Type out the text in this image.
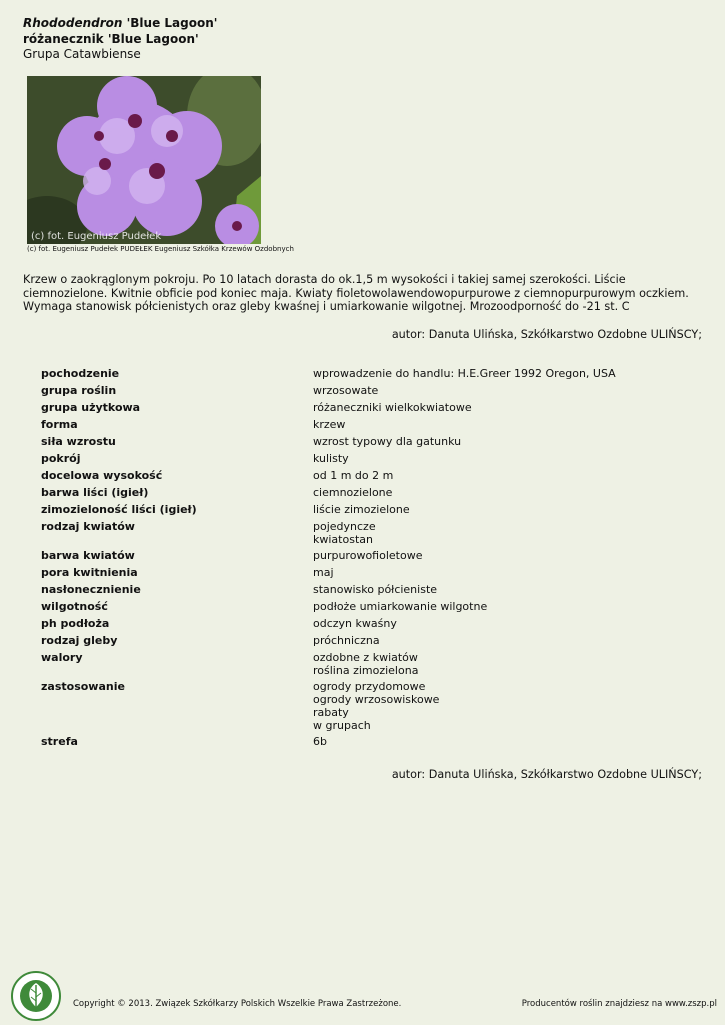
Rhododendron 'Blue Lagoon'
różanecznik 'Blue Lagoon'
Grupa Catawbiense
(c) fot. Eugeniusz Pudełek
(c) fot. Eugeniusz Pudełek PUDEŁEK Eugeniusz Szkółka Krzewów Ozdobnych
Krzew o zaokrąglonym pokroju. Po 10 latach dorasta do ok.1,5 m wysokości i takiej samej szerokości. Liście ciemnozielone. Kwitnie obficie pod koniec maja. Kwiaty fioletowolawendowopurpurowe z ciemnopurpurowym oczkiem. Wymaga stanowisk półcienistych oraz gleby kwaśnej i umiarkowanie wilgotnej. Mrozoodporność do -21 st. C
autor: Danuta Ulińska, Szkółkarstwo Ozdobne ULIŃSCY;
pochodzenie	wprowadzenie do handlu: H.E.Greer 1992 Oregon, USA
grupa roślin	wrzosowate
grupa użytkowa	różaneczniki wielkokwiatowe
forma	krzew
siła wzrostu	wzrost typowy dla gatunku
pokrój	kulisty
docelowa wysokość	od 1 m do 2 m
barwa liści (igieł)	ciemnozielone
zimozieloność liści (igieł)	liście zimozielone
rodzaj kwiatów	pojedyncze
kwiatostan
barwa kwiatów	purpurowofioletowe
pora kwitnienia	maj
nasłonecznienie	stanowisko półcieniste
wilgotność	podłoże umiarkowanie wilgotne
ph podłoża	odczyn kwaśny
rodzaj gleby	próchniczna
walory	ozdobne z kwiatów
roślina zimozielona
zastosowanie	ogrody przydomowe
ogrody wrzosowiskowe
rabaty
w grupach
strefa	6b
autor: Danuta Ulińska, Szkółkarstwo Ozdobne ULIŃSCY;
Copyright © 2013. Związek Szkółkarzy Polskich Wszelkie Prawa Zastrzeżone.	Producentów roślin znajdziesz na www.zszp.pl
